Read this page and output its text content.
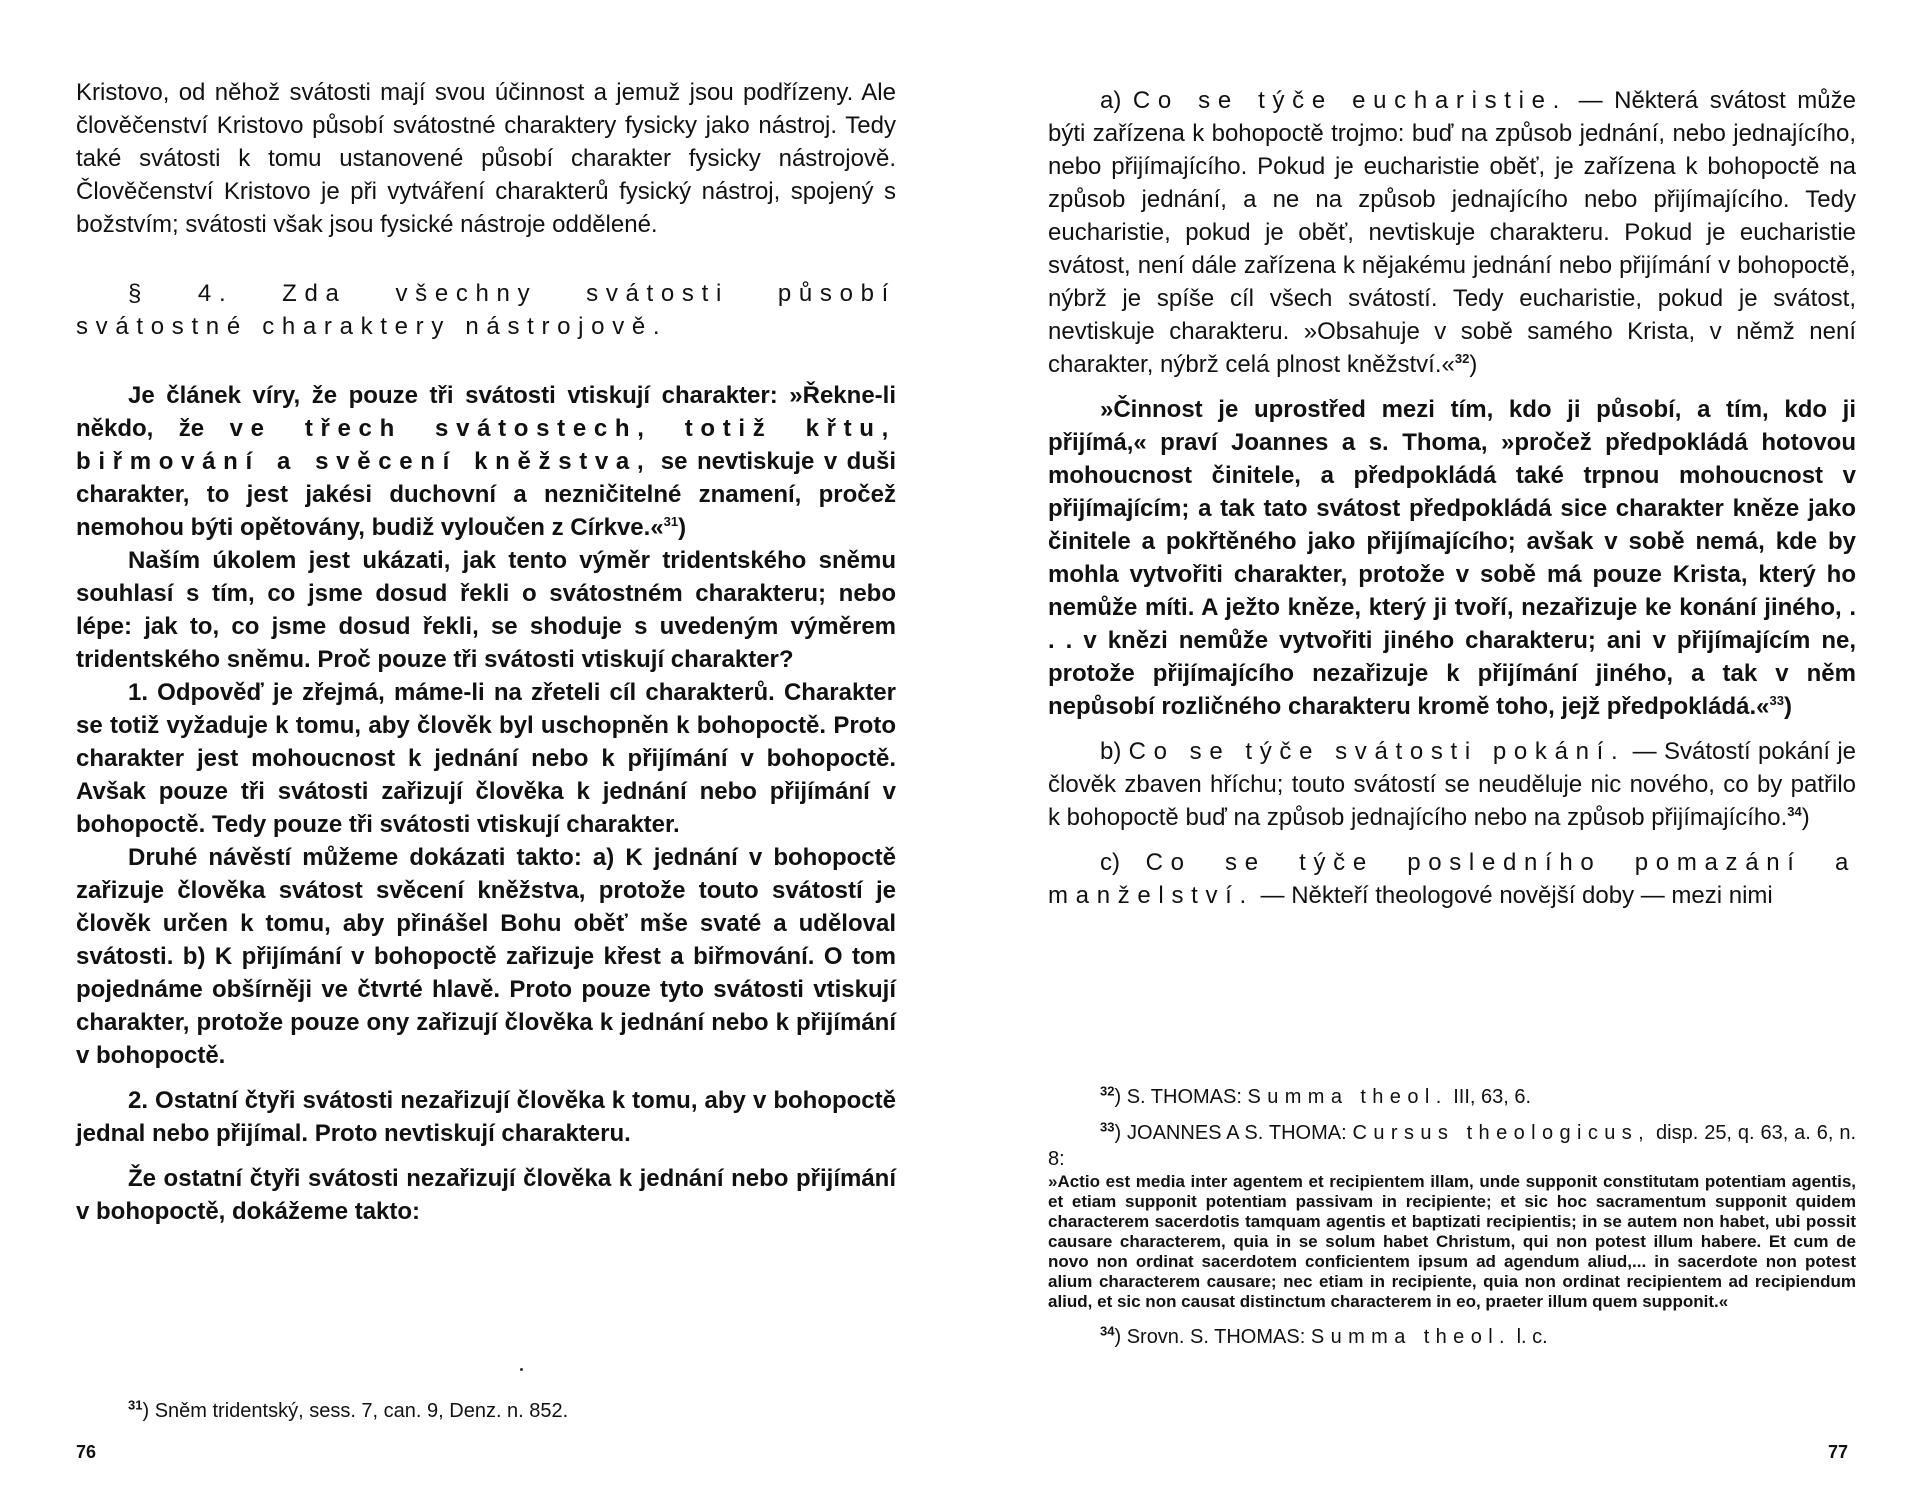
Kristovo, od něhož svátosti mají svou účinnost a jemuž jsou podřízeny. Ale člověčenství Kristovo působí svátostné charaktery fysicky jako nástroj. Tedy také svátosti k tomu ustanovené působí charakter fysicky nástrojově. Člověčenství Kristovo je při vytváření charakterů fysický nástroj, spojený s božstvím; svátosti však jsou fysické nástroje oddělené.

§ 4. Zda všechny svátosti působí svátostné charaktery nástrojově.

Je článek víry, že pouze tři svátosti vtiskují charakter: »Řekne-li někdo, že ve třech svátostech, totiž křtu, biřmování a svěcení kněžstva, se nevtiskuje v duši charakter, to jest jakési duchovní a nezničitelné znamení, pročež nemohou býti opětovány, budiž vyloučen z Církve.«$^{31}$)

Naším úkolem jest ukázati, jak tento výměr tridentského sněmu souhlasí s tím, co jsme dosud řekli o svátostném charakteru; nebo lépe: jak to, co jsme dosud řekli, se shoduje s uvedeným výměrem tridentského sněmu. Proč pouze tři svátosti vtiskují charakter?

1. Odpověď je zřejmá, máme-li na zřeteli cíl charakterů. Charakter se totiž vyžaduje k tomu, aby člověk byl uschopněn k bohopoctě. Proto charakter jest mohoucnost k jednání nebo k přijímání v bohopoctě. Avšak pouze tři svátosti zařizují člověka k jednání nebo přijímání v bohopoctě. Tedy pouze tři svátosti vtiskují charakter.

Druhé návěstí můžeme dokázati takto: a) K jednání v bohopoctě zařizuje člověka svátost svěcení kněžstva, protože touto svátostí je člověk určen k tomu, aby přinášel Bohu oběť mše svaté a uděloval svátosti. b) K přijímání v bohopoctě zařizuje křest a biřmování. O tom pojednáme obšírněji ve čtvrté hlavě. Proto pouze tyto svátosti vtiskují charakter, protože pouze ony zařizují člověka k jednání nebo k přijímání v bohopoctě.

2. Ostatní čtyři svátosti nezařizují člověka k tomu, aby v bohopoctě jednal nebo přijímal. Proto nevtiskují charakteru.

Že ostatní čtyři svátosti nezařizují člověka k jednání nebo přijímání v bohopoctě, dokážeme takto:

$^{31}$) Sněm tridentský, sess. 7, can. 9, Denz. n. 852.

76

a) Co se týče eucharistie. — Některá svátost může býti zařízena k bohopoctě trojmo: buď na způsob jednání, nebo jednajícího, nebo přijímajícího. Pokud je eucharistie oběť, je zařízena k bohopoctě na způsob jednání, a ne na způsob jednajícího nebo přijímajícího. Tedy eucharistie, pokud je oběť, nevtiskuje charakteru. Pokud je eucharistie svátost, není dále zařízena k nějakému jednání nebo přijímání v bohopoctě, nýbrž je spíše cíl všech svátostí. Tedy eucharistie, pokud je svátost, nevtiskuje charakteru. »Obsahuje v sobě samého Krista, v němž není charakter, nýbrž celá plnost kněžství.«$^{32}$)

»Činnost je uprostřed mezi tím, kdo ji působí, a tím, kdo ji přijímá,« praví Joannes a s. Thoma, »pročež předpokládá hotovou mohoucnost činitele, a předpokládá také trpnou mohoucnost v přijímajícím; a tak tato svátost předpokládá sice charakter kněze jako činitele a pokřtěného jako přijímajícího; avšak v sobě nemá, kde by mohla vytvořiti charakter, protože v sobě má pouze Krista, který ho nemůže míti. A ježto kněze, který ji tvoří, nezařizuje ke konání jiného, . . . v knězi nemůže vytvořiti jiného charakteru; ani v přijímajícím ne, protože přijímajícího nezařizuje k přijímání jiného, a tak v něm nepůsobí rozličného charakteru kromě toho, jejž předpokládá.«$^{33}$)

b) Co se týče svátosti pokání. — Svátostí pokání je člověk zbaven hříchu; touto svátostí se neuděluje nic nového, co by patřilo k bohopoctě buď na způsob jednajícího nebo na způsob přijímajícího.$^{34}$)

c) Co se týče posledního pomazání a manželství. — Někteří theologové novější doby — mezi nimi

$^{32}$) S. THOMAS: Summa theol. III, 63, 6.

$^{33}$) JOANNES A S. THOMA: Cursus theologicus, disp. 25, q. 63, a. 6, n. 8:

»Actio est media inter agentem et recipientem illam, unde supponit constitutam potentiam agentis, et etiam supponit potentiam passivam in recipiente; et sic hoc sacramentum supponit quidem characterem sacerdotis tamquam agentis et baptizati recipientis; in se autem non habet, ubi possit causare characterem, quia in se solum habet Christum, qui non potest illum habere. Et cum de novo non ordinat sacerdotem conficientem ipsum ad agendum aliud,... in sacerdote non potest alium characterem causare; nec etiam in recipiente, quia non ordinat recipientem ad recipiendum aliud, et sic non causat distinctum characterem in eo, praeter illum quem supponit.«

$^{34}$) Srovn. S. THOMAS: Summa theol. l. c.

77
